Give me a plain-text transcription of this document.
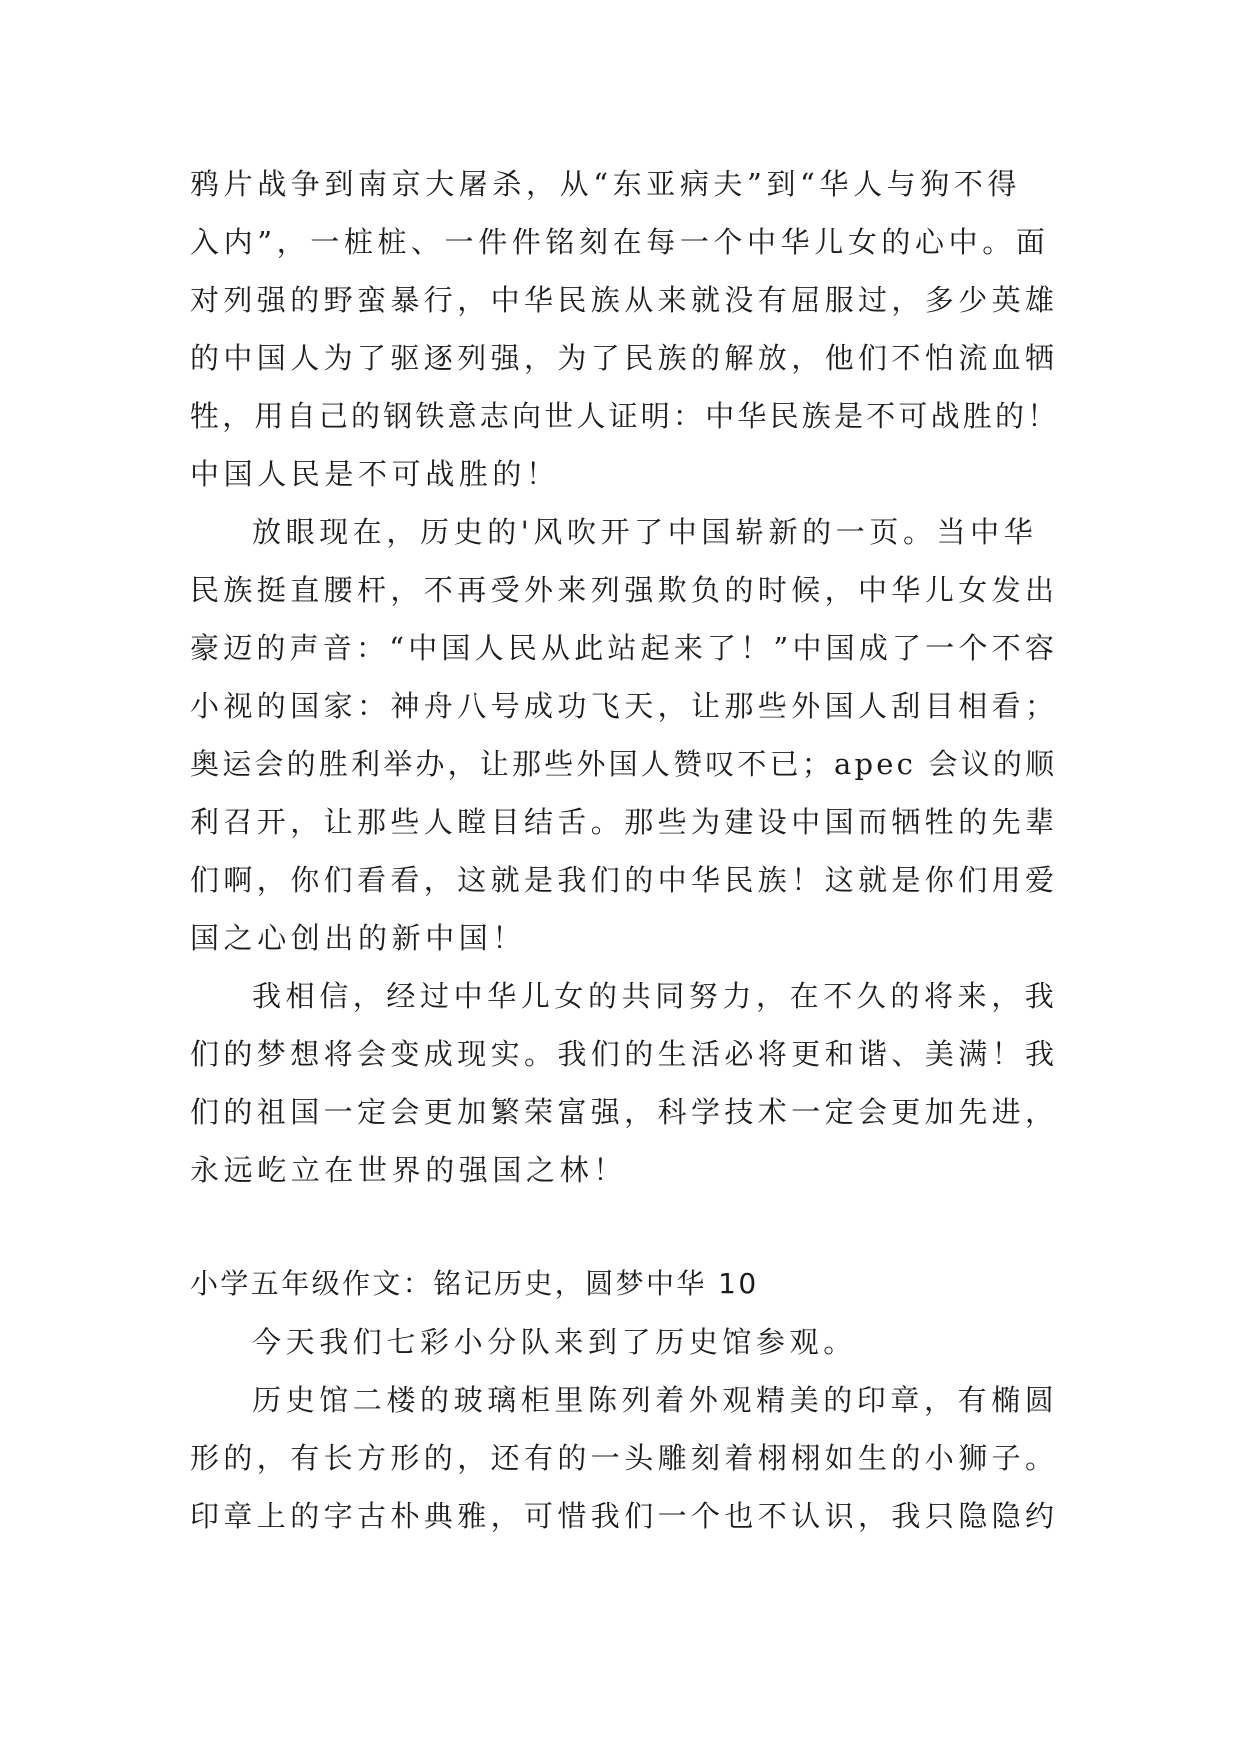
鸦片战争到南京大屠杀，从“东亚病夫”到“华人与狗不得
入内”，一桩桩、一件件铭刻在每一个中华儿女的心中。面
对列强的野蛮暴行，中华民族从来就没有屈服过，多少英雄
的中国人为了驱逐列强，为了民族的解放，他们不怕流血牺
牲，用自己的钢铁意志向世人证明：中华民族是不可战胜的！
中国人民是不可战胜的！
放眼现在，历史的'风吹开了中国崭新的一页。当中华
民族挺直腰杆，不再受外来列强欺负的时候，中华儿女发出
豪迈的声音：“中国人民从此站起来了！”中国成了一个不容
小视的国家：神舟八号成功飞天，让那些外国人刮目相看；
奥运会的胜利举办，让那些外国人赞叹不已；apec 会议的顺
利召开，让那些人瞠目结舌。那些为建设中国而牺牲的先辈
们啊，你们看看，这就是我们的中华民族！这就是你们用爱
国之心创出的新中国！
我相信，经过中华儿女的共同努力，在不久的将来，我
们的梦想将会变成现实。我们的生活必将更和谐、美满！我
们的祖国一定会更加繁荣富强，科学技术一定会更加先进，
永远屹立在世界的强国之林！
小学五年级作文：铭记历史，圆梦中华 10
今天我们七彩小分队来到了历史馆参观。
历史馆二楼的玻璃柜里陈列着外观精美的印章，有椭圆
形的，有长方形的，还有的一头雕刻着栩栩如生的小狮子。
印章上的字古朴典雅，可惜我们一个也不认识，我只隐隐约
